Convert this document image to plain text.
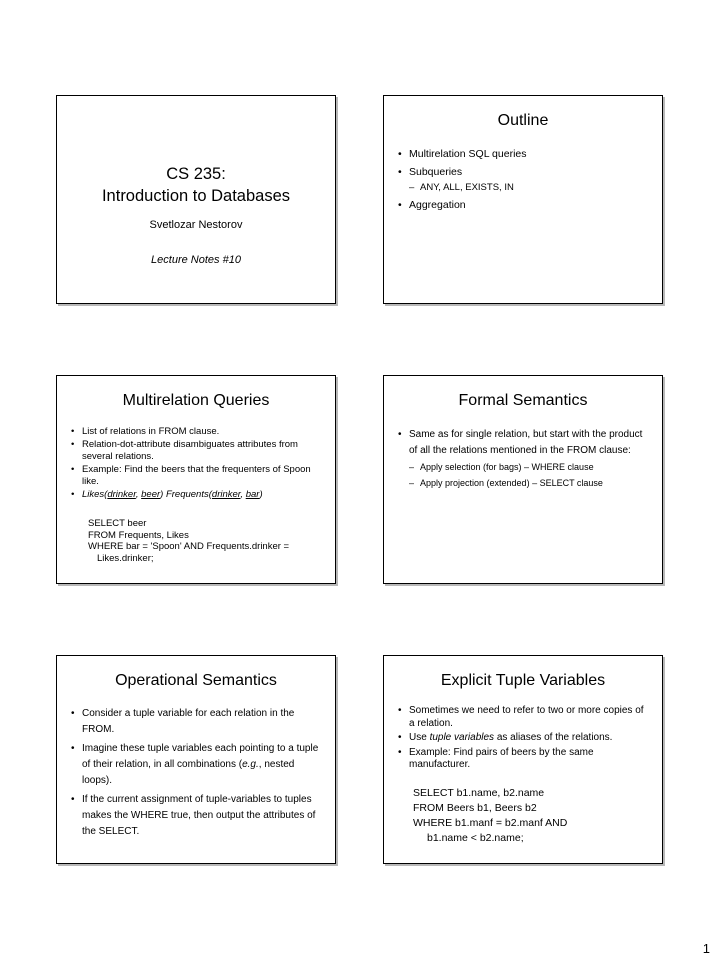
CS 235:
Introduction to Databases
Svetlozar Nestorov
Lecture Notes #10
Outline
• Multirelation SQL queries
• Subqueries
– ANY, ALL, EXISTS, IN
• Aggregation
Multirelation Queries
• List of relations in FROM clause.
• Relation-dot-attribute disambiguates attributes from several relations.
• Example: Find the beers that the frequenters of Spoon like.
• Likes(drinker, beer) Frequents(drinker, bar)
SELECT beer
FROM Frequents, Likes
WHERE bar = 'Spoon' AND Frequents.drinker =
Likes.drinker;
Formal Semantics
• Same as for single relation, but start with the product of all the relations mentioned in the FROM clause:
– Apply selection (for bags) – WHERE clause
– Apply projection (extended) – SELECT clause
Operational Semantics
• Consider a tuple variable for each relation in the FROM.
• Imagine these tuple variables each pointing to a tuple of their relation, in all combinations (e.g., nested loops).
• If the current assignment of tuple-variables to tuples makes the WHERE true, then output the attributes of the SELECT.
Explicit Tuple Variables
• Sometimes we need to refer to two or more copies of a relation.
• Use tuple variables as aliases of the relations.
• Example: Find pairs of beers by the same manufacturer.
SELECT b1.name, b2.name
FROM Beers b1, Beers b2
WHERE b1.manf = b2.manf AND
b1.name < b2.name;
1
